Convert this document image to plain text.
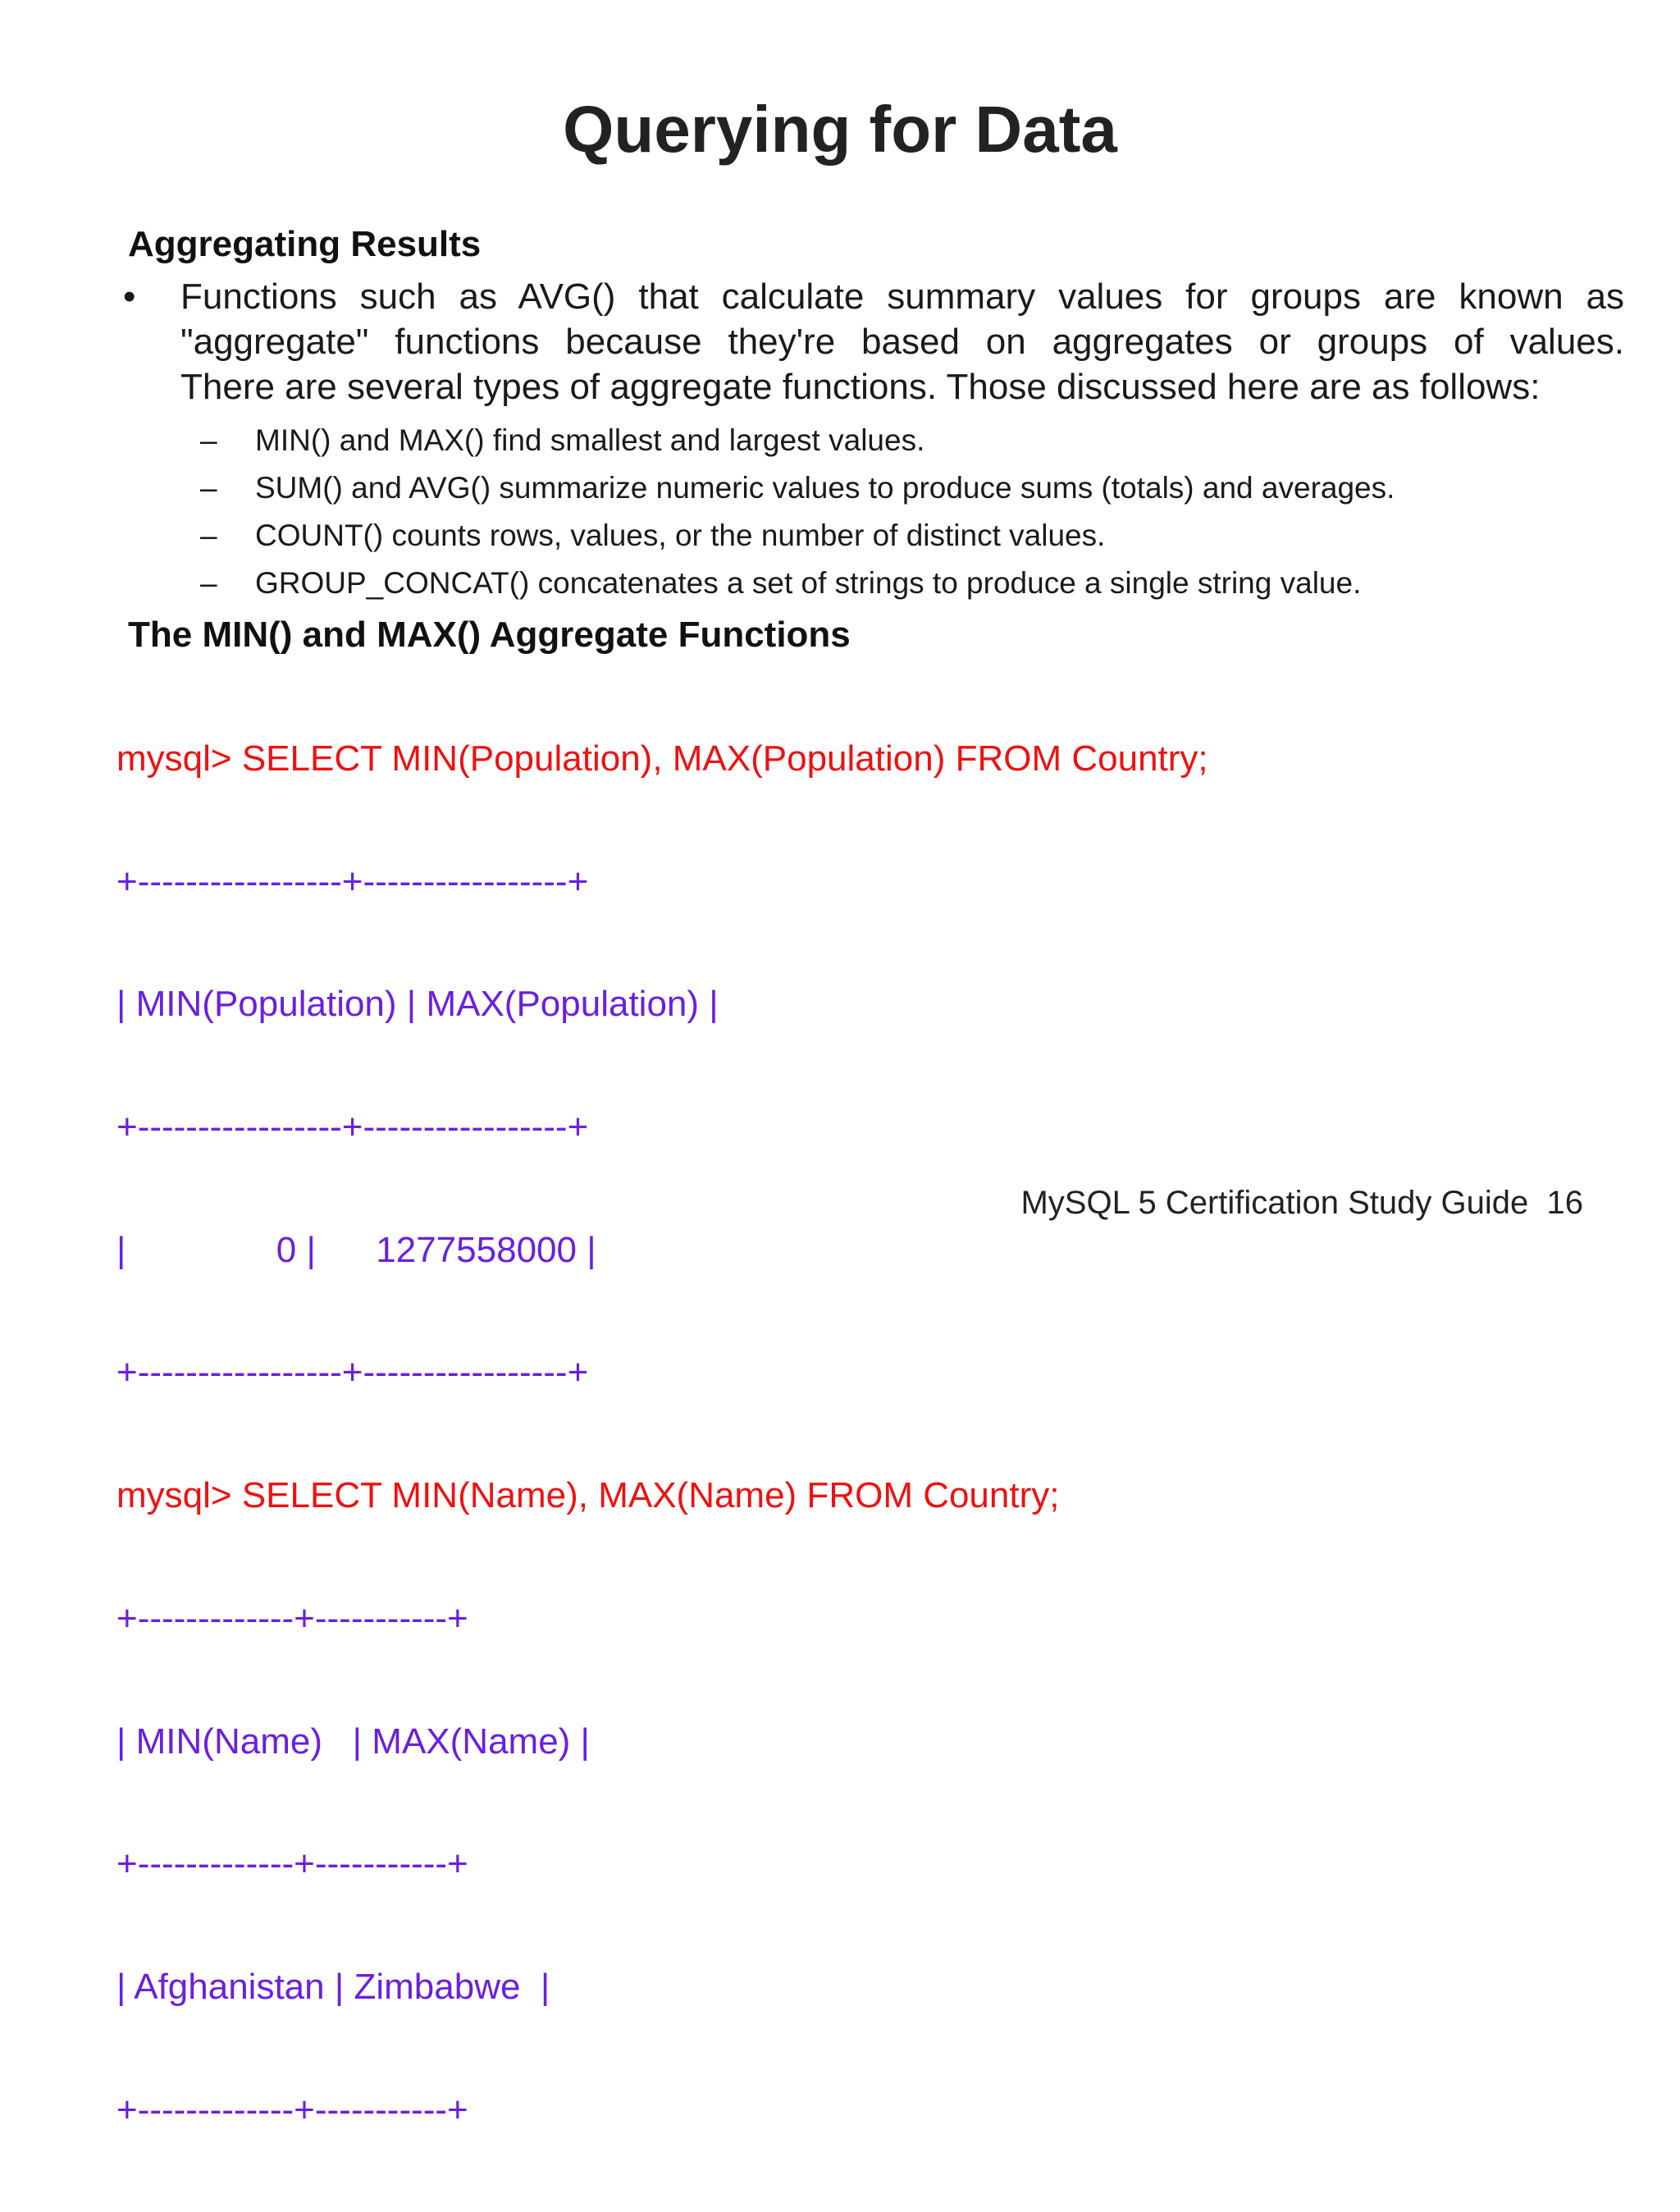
Querying for Data
Aggregating Results
•	Functions such as AVG() that calculate summary values for groups are known as "aggregate" functions because they're based on aggregates or groups of values.
There are several types of aggregate functions. Those discussed here are as follows:
– MIN() and MAX() find smallest and largest values.
– SUM() and AVG() summarize numeric values to produce sums (totals) and averages.
– COUNT() counts rows, values, or the number of distinct values.
– GROUP_CONCAT() concatenates a set of strings to produce a single string value.
The MIN() and MAX() Aggregate Functions

mysql> SELECT MIN(Population), MAX(Population) FROM Country;

+-----------------+-----------------+

| MIN(Population) | MAX(Population) |

+-----------------+-----------------+

|               0 |      1277558000 |

+-----------------+-----------------+

mysql> SELECT MIN(Name), MAX(Name) FROM Country;

+-------------+-----------+

| MIN(Name)   | MAX(Name) |

+-------------+-----------+

| Afghanistan | Zimbabwe  |

+-------------+-----------+

MySQL 5 Certification Study Guide 16
